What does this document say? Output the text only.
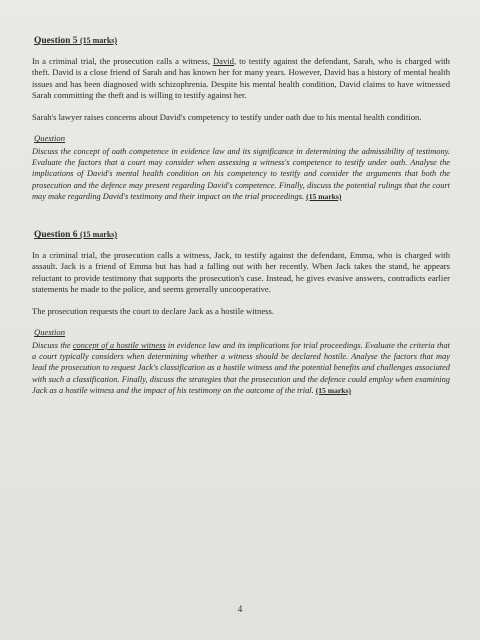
Question 5 (15 marks)

In a criminal trial, the prosecution calls a witness, David, to testify against the defendant, Sarah, who is charged with theft. David is a close friend of Sarah and has known her for many years. However, David has a history of mental health issues and has been diagnosed with schizophrenia. Despite his mental health condition, David claims to have witnessed Sarah committing the theft and is willing to testify against her.

Sarah's lawyer raises concerns about David's competency to testify under oath due to his mental health condition.

Question

Discuss the concept of oath competence in evidence law and its significance in determining the admissibility of testimony. Evaluate the factors that a court may consider when assessing a witness's competence to testify under oath. Analyse the implications of David's mental health condition on his competency to testify and consider the arguments that both the prosecution and the defence may present regarding David's competence. Finally, discuss the potential rulings that the court may make regarding David's testimony and their impact on the trial proceedings. (15 marks)

Question 6 (15 marks)

In a criminal trial, the prosecution calls a witness, Jack, to testify against the defendant, Emma, who is charged with assault. Jack is a friend of Emma but has had a falling out with her recently. When Jack takes the stand, he appears reluctant to provide testimony that supports the prosecution's case. Instead, he gives evasive answers, contradicts earlier statements he made to the police, and seems generally uncooperative.

The prosecution requests the court to declare Jack as a hostile witness.

Question

Discuss the concept of a hostile witness in evidence law and its implications for trial proceedings. Evaluate the criteria that a court typically considers when determining whether a witness should be declared hostile. Analyse the factors that may lead the prosecution to request Jack's classification as a hostile witness and the potential benefits and challenges associated with such a classification. Finally, discuss the strategies that the prosecution and the defence could employ when examining Jack as a hostile witness and the impact of his testimony on the outcome of the trial. (15 marks)

4
